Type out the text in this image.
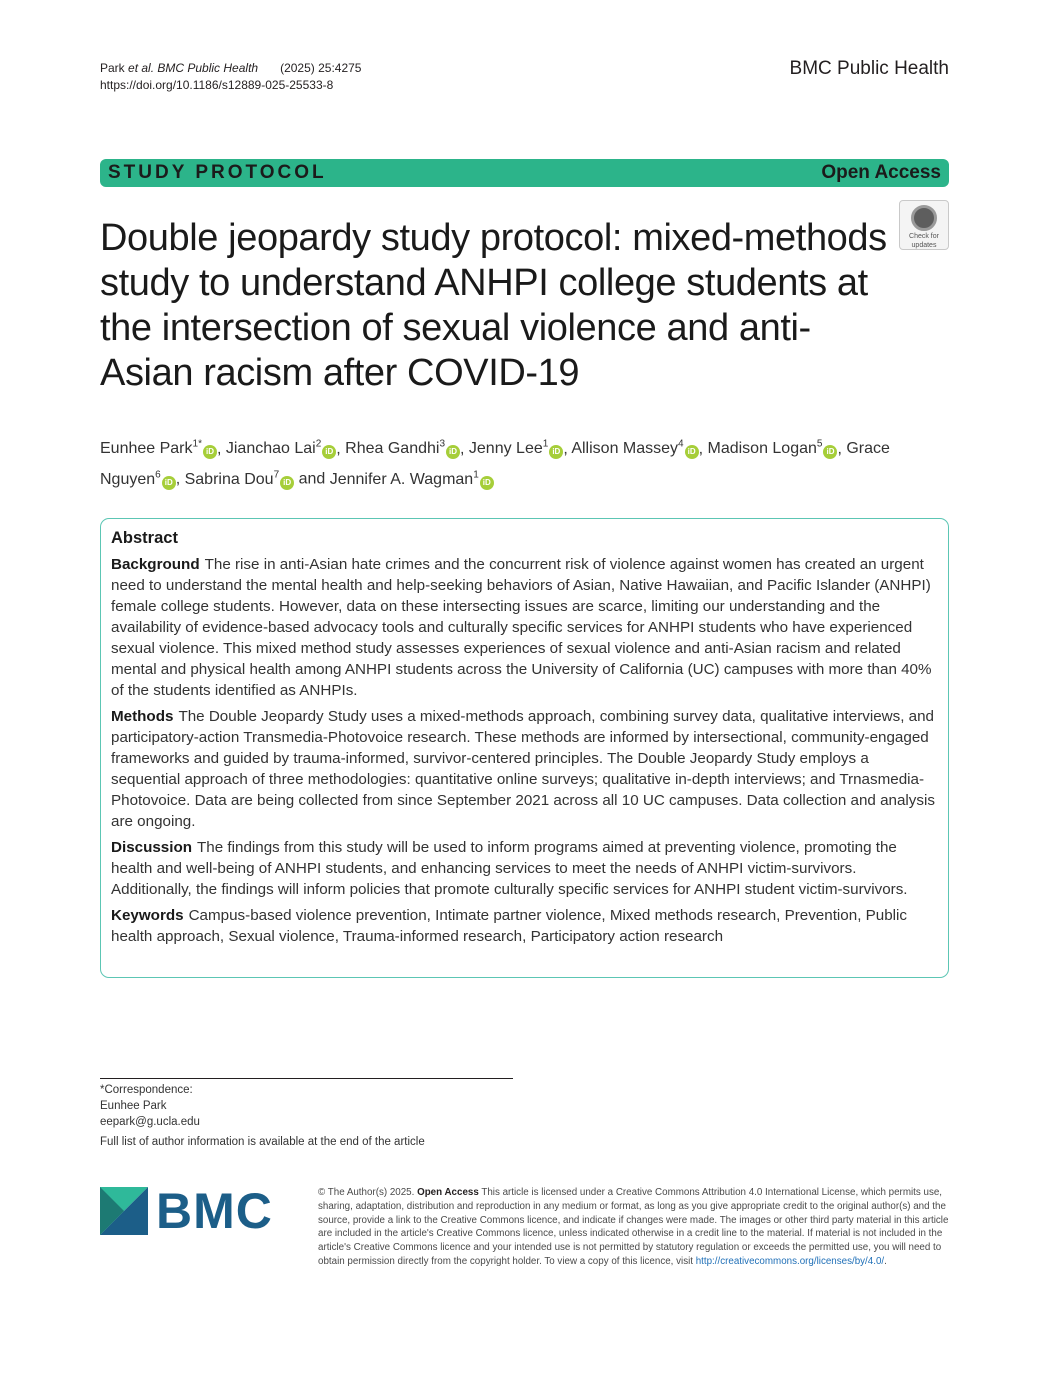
Park et al. BMC Public Health (2025) 25:4275
https://doi.org/10.1186/s12889-025-25533-8
BMC Public Health
STUDY PROTOCOL	Open Access
Check for
updates
Double jeopardy study protocol: mixed-methods study to understand ANHPI college students at the intersection of sexual violence and anti-Asian racism after COVID-19
Eunhee Park$^{1*}$iD , Jianchao Lai$^2$iD , Rhea Gandhi$^3$iD , Jenny Lee$^1$iD , Allison Massey$^4$iD , Madison Logan$^5$iD , Grace Nguyen$^6$iD , Sabrina Dou$^7$iD and Jennifer A. Wagman$^1$iD
Abstract

Background The rise in anti-Asian hate crimes and the concurrent risk of violence against women has created an urgent need to understand the mental health and help-seeking behaviors of Asian, Native Hawaiian, and Pacific Islander (ANHPI) female college students. However, data on these intersecting issues are scarce, limiting our understanding and the availability of evidence-based advocacy tools and culturally specific services for ANHPI students who have experienced sexual violence. This mixed method study assesses experiences of sexual violence and anti-Asian racism and related mental and physical health among ANHPI students across the University of California (UC) campuses with more than 40% of the students identified as ANHPIs.

Methods The Double Jeopardy Study uses a mixed-methods approach, combining survey data, qualitative interviews, and participatory-action Transmedia-Photovoice research. These methods are informed by intersectional, community-engaged frameworks and guided by trauma-informed, survivor-centered principles. The Double Jeopardy Study employs a sequential approach of three methodologies: quantitative online surveys; qualitative in-depth interviews; and Trnasmedia-Photovoice. Data are being collected from since September 2021 across all 10 UC campuses. Data collection and analysis are ongoing.

Discussion The findings from this study will be used to inform programs aimed at preventing violence, promoting the health and well-being of ANHPI students, and enhancing services to meet the needs of ANHPI victim-survivors. Additionally, the findings will inform policies that promote culturally specific services for ANHPI student victim-survivors.

Keywords Campus-based violence prevention, Intimate partner violence, Mixed methods research, Prevention, Public health approach, Sexual violence, Trauma-informed research, Participatory action research

*Correspondence:
Eunhee Park
eepark@g.ucla.edu
Full list of author information is available at the end of the article
BMC	© The Author(s) 2025. Open Access This article is licensed under a Creative Commons Attribution 4.0 International License, which permits use, sharing, adaptation, distribution and reproduction in any medium or format, as long as you give appropriate credit to the original author(s) and the source, provide a link to the Creative Commons licence, and indicate if changes were made. The images or other third party material in this article are included in the article's Creative Commons licence, unless indicated otherwise in a credit line to the material. If material is not included in the article's Creative Commons licence and your intended use is not permitted by statutory regulation or exceeds the permitted use, you will need to obtain permission directly from the copyright holder. To view a copy of this licence, visit http://creativecommons.org/licenses/by/4.0/.
